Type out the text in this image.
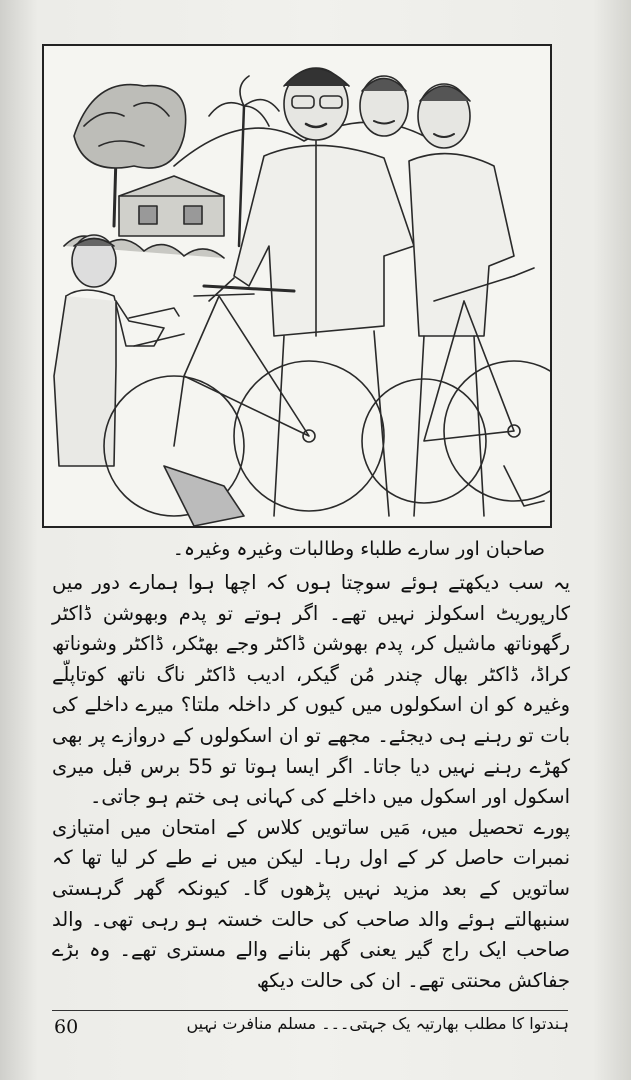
صاحبان اور سارے طلباء وطالبات وغیرہ وغیرہ۔

یہ سب دیکھتے ہوئے سوچتا ہوں کہ اچھا ہوا ہمارے دور میں کارپوریٹ اسکولز نہیں تھے۔ اگر ہوتے تو پدم وبھوشن ڈاکٹر رگھوناتھ ماشیل کر، پدم بھوشن ڈاکٹر وجے بھٹکر، ڈاکٹر وشوناتھ کراڈ، ڈاکٹر بھال چندر مُن گیکر، ادیب ڈاکٹر ناگ ناتھ کوتاپلّے وغیرہ کو ان اسکولوں میں کیوں کر داخلہ ملتا؟ میرے داخلے کی بات تو رہنے ہی دیجئے۔ مجھے تو ان اسکولوں کے دروازے پر بھی کھڑے رہنے نہیں دیا جاتا۔ اگر ایسا ہوتا تو 55 برس قبل میری اسکول اور اسکول میں داخلے کی کہانی ہی ختم ہو جاتی۔

پورے تحصیل میں، مَیں ساتویں کلاس کے امتحان میں امتیازی نمبرات حاصل کر کے اول رہا۔ لیکن میں نے طے کر لیا تھا کہ ساتویں کے بعد مزید نہیں پڑھوں گا۔ کیونکہ گھر گرہستی سنبھالتے ہوئے والد صاحب کی حالت خستہ ہو رہی تھی۔ والد صاحب ایک راج گیر یعنی گھر بنانے والے مستری تھے۔ وہ بڑے جفاکش محنتی تھے۔ ان کی حالت دیکھ

ہندتوا کا مطلب بھارتیہ یک جہتی۔۔۔ مسلم منافرت نہیں
60
